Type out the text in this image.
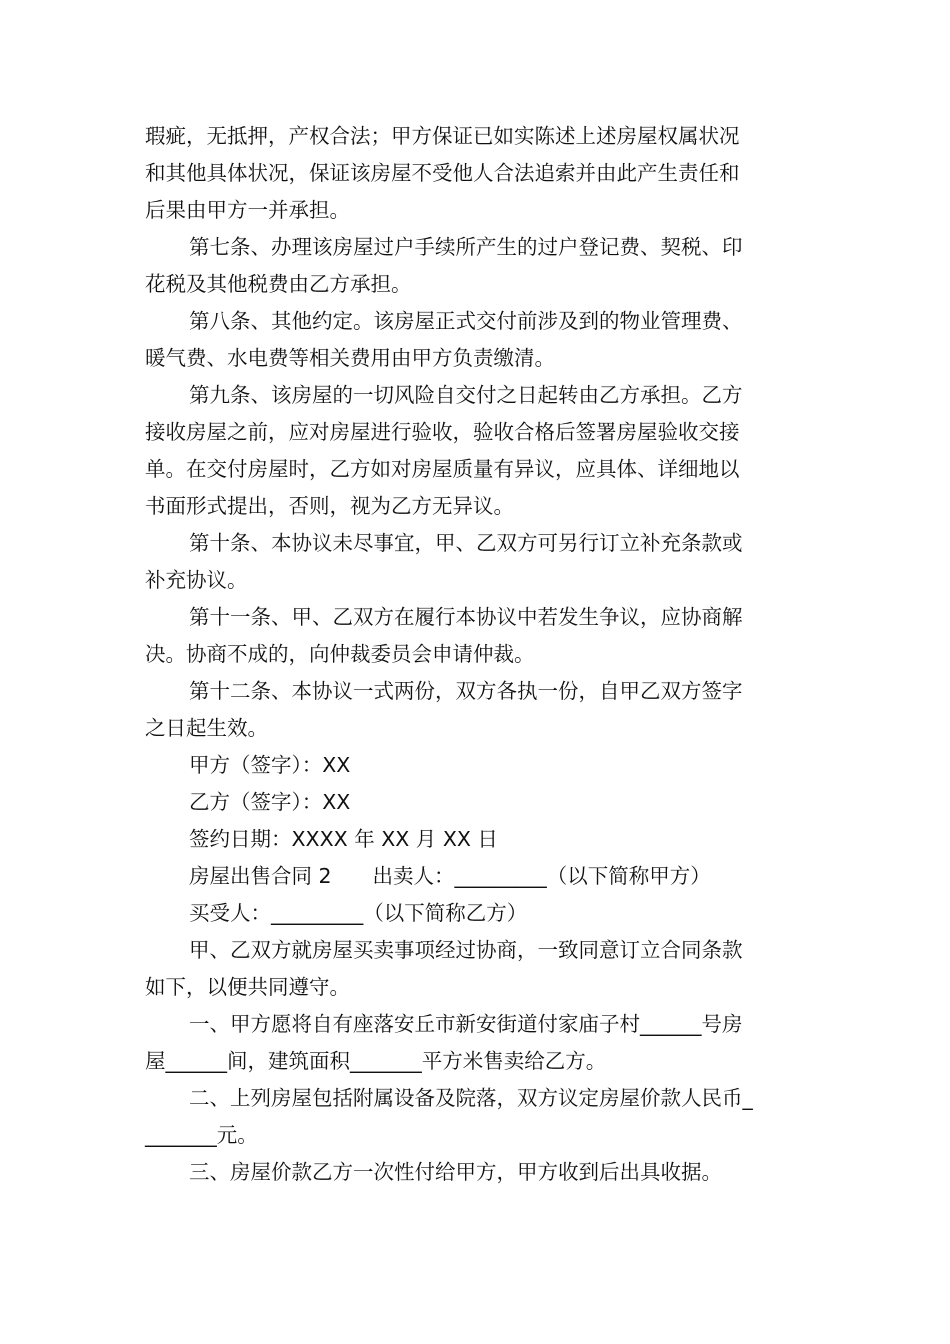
瑕疵，无抵押，产权合法；甲方保证已如实陈述上述房屋权属状况
和其他具体状况，保证该房屋不受他人合法追索并由此产生责任和
后果由甲方一并承担。
第七条、办理该房屋过户手续所产生的过户登记费、契税、印
花税及其他税费由乙方承担。
第八条、其他约定。该房屋正式交付前涉及到的物业管理费、
暖气费、水电费等相关费用由甲方负责缴清。
第九条、该房屋的一切风险自交付之日起转由乙方承担。乙方
接收房屋之前，应对房屋进行验收，验收合格后签署房屋验收交接
单。在交付房屋时，乙方如对房屋质量有异议，应具体、详细地以
书面形式提出，否则，视为乙方无异议。
第十条、本协议未尽事宜，甲、乙双方可另行订立补充条款或
补充协议。
第十一条、甲、乙双方在履行本协议中若发生争议，应协商解
决。协商不成的，向仲裁委员会申请仲裁。
第十二条、本协议一式两份，双方各执一份，自甲乙双方签字
之日起生效。
甲方（签字）：XX
乙方（签字）：XX
签约日期：XXXX 年 XX 月 XX 日
房屋出售合同 2　　出卖人：_________（以下简称甲方）
买受人：_________（以下简称乙方）
甲、乙双方就房屋买卖事项经过协商，一致同意订立合同条款
如下，以便共同遵守。
一、甲方愿将自有座落安丘市新安街道付家庙子村______号房
屋______间，建筑面积_______平方米售卖给乙方。
二、上列房屋包括附属设备及院落，双方议定房屋价款人民币_
_______元。
三、房屋价款乙方一次性付给甲方，甲方收到后出具收据。
